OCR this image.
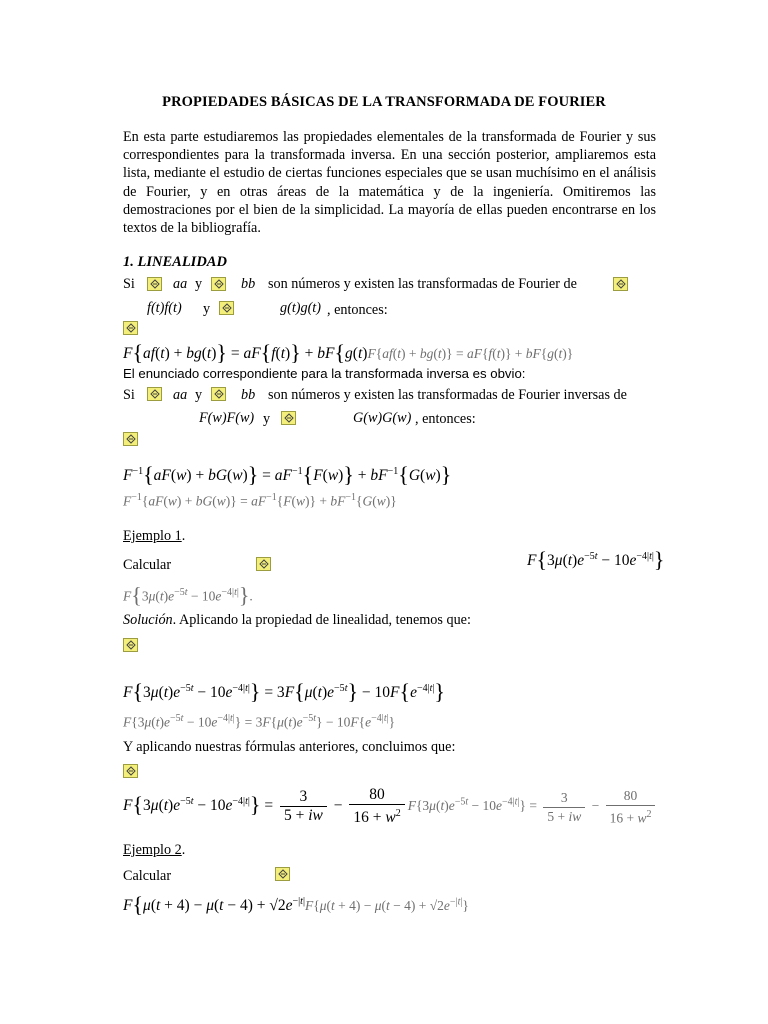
PROPIEDADES BÁSICAS DE LA TRANSFORMADA DE FOURIER
En esta parte estudiaremos las propiedades elementales de la transformada de Fourier y sus correspondientes para la transformada inversa. En una sección posterior, ampliaremos esta lista, mediante el estudio de ciertas funciones especiales que se usan muchísimo en el análisis de Fourier, y en otras áreas de la matemática y de la ingeniería. Omitiremos las demostraciones por el bien de la simplicidad. La mayoría de ellas pueden encontrarse en los textos de la bibliografía.
1. LINEALIDAD
Si	aa y	bb son números y existen las transformadas de Fourier de
f(t)f(t) y	g(t)g(t) , entonces:
F{af(t) + bg(t)} = aF{f(t)} + bF{g(t)F{af(t) + bg(t)} = aF{f(t)} + bF{g(t)}
El enunciado correspondiente para la transformada inversa es obvio:
Si	aa y	bb son números y existen las transformadas de Fourier inversas de
F(w)F(w) y	G(w)G(w) , entonces:
$F^{-1}\{aF(w) + bG(w)\} = aF^{-1}\{F(w)\} + bF^{-1}\{G(w)\}$
$F^{-1}\{aF(w) + bG(w)\} = aF^{-1}\{F(w)\} + bF^{-1}\{G(w)\}$
Ejemplo 1.
Calcular	$F\{3\mu(t)e^{-5t} - 10e^{-4|t|}\}$
$F\{3\mu(t)e^{-5t} - 10e^{-4|t|}\}$.
Solución. Aplicando la propiedad de linealidad, tenemos que:
$F\{3\mu(t)e^{-5t} - 10e^{-4|t|}\} = 3F\{\mu(t)e^{-5t}\} - 10F\{e^{-4|t|}\}$
$F\{3\mu(t)e^{-5t} - 10e^{-4|t|}\} = 3F\{\mu(t)e^{-5t}\} - 10F\{e^{-4|t|}\}$
Y aplicando nuestras fórmulas anteriores, concluimos que:
$F\{3\mu(t)e^{-5t} - 10e^{-4|t|}\} = \frac{3}{5 + iw} - \frac{80}{16 + w^2} F\{3\mu(t)e^{-5t} - 10e^{-4|t|}\} = \frac{3}{5 + iw} - \frac{80}{16 + w^2}$
Ejemplo 2.
Calcular
$F\{\mu(t + 4) - \mu(t - 4) + √2e^{-|t|}F\{\mu(t + 4) - \mu(t - 4) + √2e^{-|t|}\}$
